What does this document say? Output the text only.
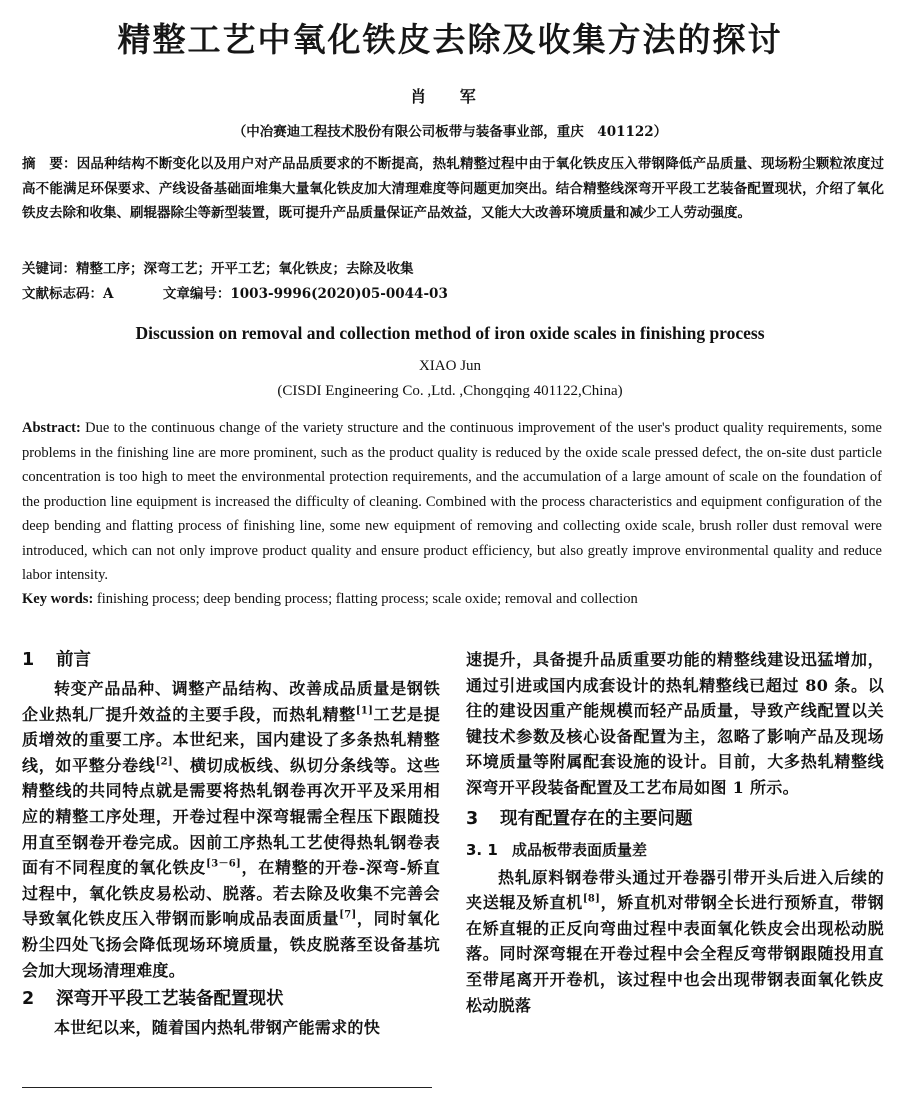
精整工艺中氧化铁皮去除及收集方法的探讨
肖 军
（中冶赛迪工程技术股份有限公司板带与装备事业部，重庆　401122）
摘　要：因品种结构不断变化以及用户对产品品质要求的不断提高，热轧精整过程中由于氧化铁皮压入带钢降低产品质量、现场粉尘颗粒浓度过高不能满足环保要求、产线设备基础面堆集大量氧化铁皮加大清理难度等问题更加突出。结合精整线深弯开平段工艺装备配置现状，介绍了氧化铁皮去除和收集、刷辊器除尘等新型装置，既可提升产品质量保证产品效益，又能大大改善环境质量和减少工人劳动强度。
关键词：精整工序；深弯工艺；开平工艺；氧化铁皮；去除及收集
文献标志码：A	文章编号：1003-9996(2020)05-0044-03
Discussion on removal and collection method of iron oxide scales in finishing process
XIAO Jun
(CISDI Engineering Co. ,Ltd. ,Chongqing 401122,China)
Abstract: Due to the continuous change of the variety structure and the continuous improvement of the user's product quality requirements, some problems in the finishing line are more prominent, such as the product quality is reduced by the oxide scale pressed defect, the on-site dust particle concentration is too high to meet the environmental protection requirements, and the accumulation of a large amount of scale on the foundation of the production line equipment is increased the difficulty of cleaning. Combined with the process characteristics and equipment configuration of the deep bending and flatting process of finishing line, some new equipment of removing and collecting oxide scale, brush roller dust removal were introduced, which can not only improve product quality and ensure product efficiency, but also greatly improve environmental quality and reduce labor intensity.
Key words: finishing process; deep bending process; flatting process; scale oxide; removal and collection
1 前言
转变产品品种、调整产品结构、改善成品质量是钢铁企业热轧厂提升效益的主要手段，而热轧精整[1]工艺是提质增效的重要工序。本世纪来，国内建设了多条热轧精整线，如平整分卷线[2]、横切成板线、纵切分条线等。这些精整线的共同特点就是需要将热轧钢卷再次开平及采用相应的精整工序处理，开卷过程中深弯辊需全程压下跟随投用直至钢卷开卷完成。因前工序热轧工艺使得热轧钢卷表面有不同程度的氧化铁皮[3－6]，在精整的开卷-深弯-矫直过程中，氧化铁皮易松动、脱落。若去除及收集不完善会导致氧化铁皮压入带钢而影响成品表面质量[7]，同时氧化粉尘四处飞扬会降低现场环境质量，铁皮脱落至设备基坑会加大现场清理难度。
2 深弯开平段工艺装备配置现状
本世纪以来，随着国内热轧带钢产能需求的快
速提升，具备提升品质重要功能的精整线建设迅猛增加，通过引进或国内成套设计的热轧精整线已超过 80 条。以往的建设因重产能规模而轻产品质量，导致产线配置以关键技术参数及核心设备配置为主，忽略了影响产品及现场环境质量等附属配套设施的设计。目前，大多热轧精整线深弯开平段装备配置及工艺布局如图 1 所示。
3 现有配置存在的主要问题
3. 1 成品板带表面质量差
热轧原料钢卷带头通过开卷器引带开头后进入后续的夹送辊及矫直机[8]，矫直机对带钢全长进行预矫直，带钢在矫直辊的正反向弯曲过程中表面氧化铁皮会出现松动脱落。同时深弯辊在开卷过程中会全程反弯带钢跟随投用直至带尾离开开卷机，该过程中也会出现带钢表面氧化铁皮松动脱落
